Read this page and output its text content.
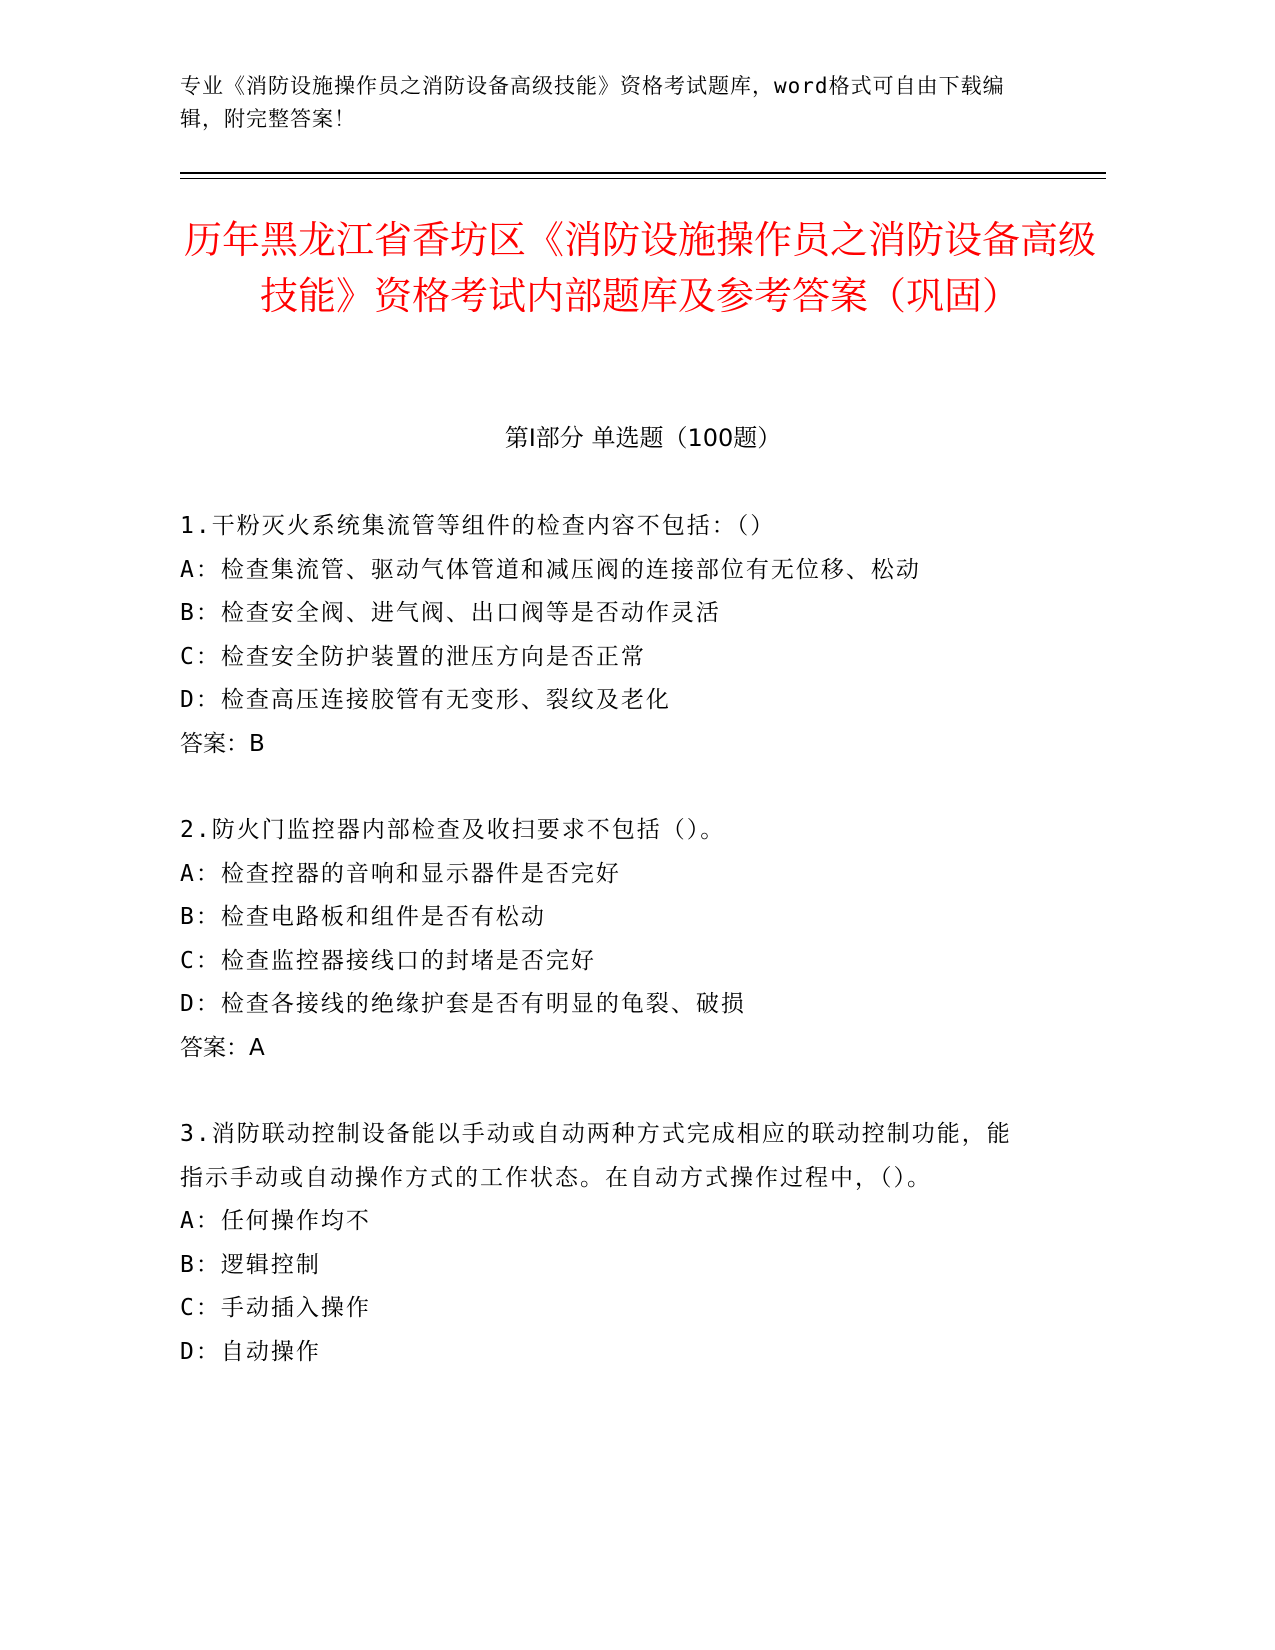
专业《消防设施操作员之消防设备高级技能》资格考试题库，word格式可自由下载编辑，附完整答案！
历年黑龙江省香坊区《消防设施操作员之消防设备高级技能》资格考试内部题库及参考答案（巩固）
第Ⅰ部分 单选题（100题）
1.干粉灭火系统集流管等组件的检查内容不包括：（）
A：检查集流管、驱动气体管道和减压阀的连接部位有无位移、松动
B：检查安全阀、进气阀、出口阀等是否动作灵活
C：检查安全防护装置的泄压方向是否正常
D：检查高压连接胶管有无变形、裂纹及老化
答案：B
2.防火门监控器内部检查及收扫要求不包括（）。
A：检查控器的音响和显示器件是否完好
B：检查电路板和组件是否有松动
C：检查监控器接线口的封堵是否完好
D：检查各接线的绝缘护套是否有明显的龟裂、破损
答案：A
3.消防联动控制设备能以手动或自动两种方式完成相应的联动控制功能，能指示手动或自动操作方式的工作状态。在自动方式操作过程中，（）。
A：任何操作均不
B：逻辑控制
C：手动插入操作
D：自动操作
